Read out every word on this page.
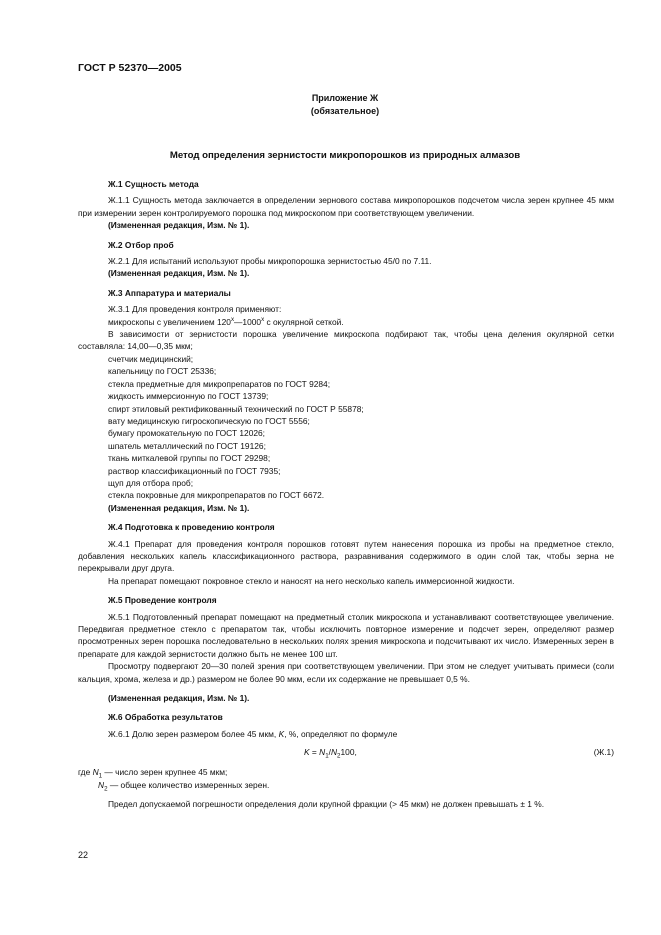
ГОСТ Р 52370—2005
Приложение Ж
(обязательное)
Метод определения зернистости микропорошков из природных алмазов
Ж.1 Сущность метода
Ж.1.1 Сущность метода заключается в определении зернового состава микропорошков подсчетом числа зерен крупнее 45 мкм при измерении зерен контролируемого порошка под микроскопом при соответствующем увеличении.
(Измененная редакция, Изм. № 1).
Ж.2 Отбор проб
Ж.2.1 Для испытаний используют пробы микропорошка зернистостью 45/0 по 7.11.
(Измененная редакция, Изм. № 1).
Ж.3 Аппаратура и материалы
Ж.3.1 Для проведения контроля применяют:
микроскопы с увеличением $120^х—1000^х$ с окулярной сеткой.
В зависимости от зернистости порошка увеличение микроскопа подбирают так, чтобы цена деления окулярной сетки составляла: 14,00—0,35 мкм;
счетчик медицинский;
капельницу по ГОСТ 25336;
стекла предметные для микропрепаратов по ГОСТ 9284;
жидкость иммерсионную по ГОСТ 13739;
спирт этиловый ректификованный технический по ГОСТ Р 55878;
вату медицинскую гигроскопическую по ГОСТ 5556;
бумагу промокательную по ГОСТ 12026;
шпатель металлический по ГОСТ 19126;
ткань миткалевой группы по ГОСТ 29298;
раствор классификационный по ГОСТ 7935;
щуп для отбора проб;
стекла покровные для микропрепаратов по ГОСТ 6672.
(Измененная редакция, Изм. № 1).
Ж.4 Подготовка к проведению контроля
Ж.4.1 Препарат для проведения контроля порошков готовят путем нанесения порошка из пробы на предметное стекло, добавления нескольких капель классификационного раствора, разравнивания содержимого в один слой так, чтобы зерна не перекрывали друг друга.
На препарат помещают покровное стекло и наносят на него несколько капель иммерсионной жидкости.
Ж.5 Проведение контроля
Ж.5.1 Подготовленный препарат помещают на предметный столик микроскопа и устанавливают соответствующее увеличение. Передвигая предметное стекло с препаратом так, чтобы исключить повторное измерение и подсчет зерен, определяют размер просмотренных зерен порошка последовательно в нескольких полях зрения микроскопа и подсчитывают их число. Измеренных зерен в препарате для каждой зернистости должно быть не менее 100 шт.
Просмотру подвергают 20—30 полей зрения при соответствующем увеличении. При этом не следует учитывать примеси (соли кальция, хрома, железа и др.) размером не более 90 мкм, если их содержание не превышает 0,5 %.
(Измененная редакция, Изм. № 1).
Ж.6 Обработка результатов
Ж.6.1 Долю зерен размером более 45 мкм, K, %, определяют по формуле
$K = N_1/N_2100$,	(Ж.1)
где $N_1$ — число зерен крупнее 45 мкм;
$N_2$ — общее количество измеренных зерен.
Предел допускаемой погрешности определения доли крупной фракции (> 45 мкм) не должен превышать ± 1 %.
22
